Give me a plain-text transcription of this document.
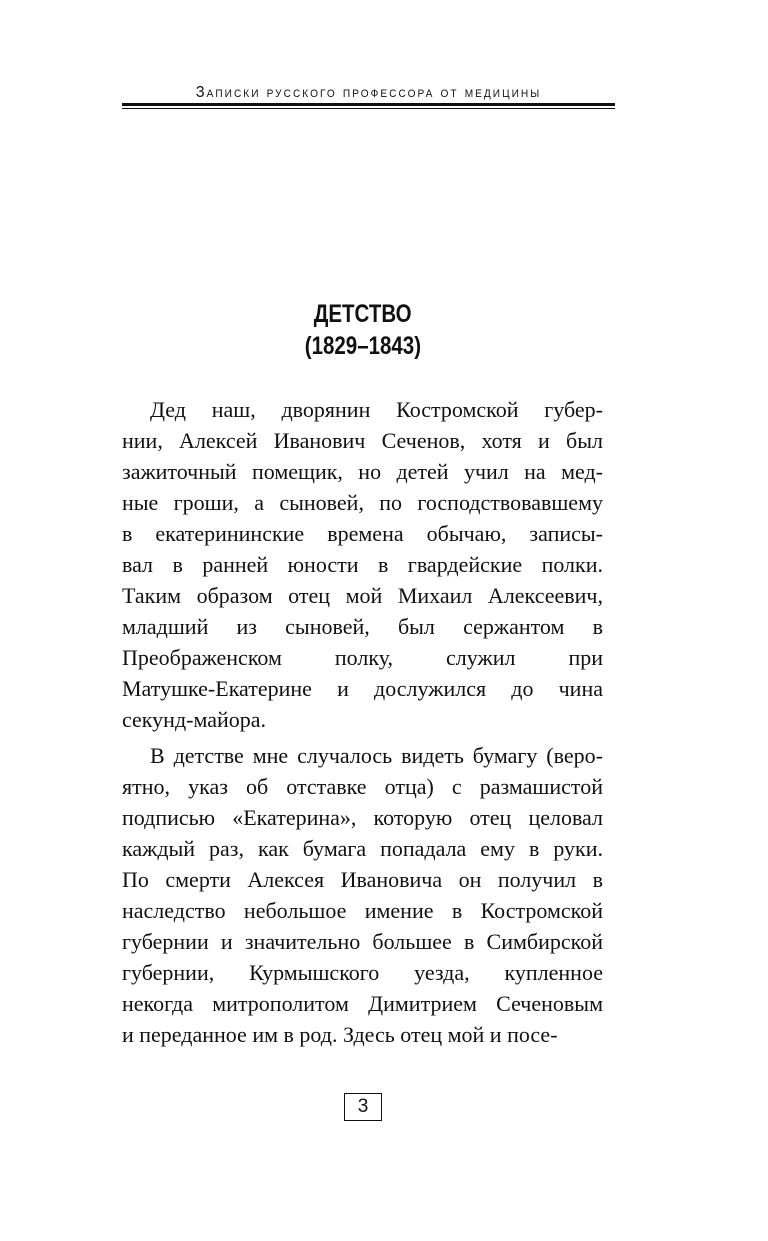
Записки русского профессора от медицины
ДЕТСТВО
(1829–1843)
Дед наш, дворянин Костромской губер-
нии, Алексей Иванович Сеченов, хотя и был
зажиточный помещик, но детей учил на мед-
ные гроши, а сыновей, по господствовавшему
в екатерининские времена обычаю, записы-
вал в ранней юности в гвардейские полки.
Таким образом отец мой Михаил Алексеевич,
младший из сыновей, был сержантом в
Преображенском полку, служил при
Матушке-Екатерине и дослужился до чина
секунд-майора.
В детстве мне случалось видеть бумагу (веро-
ятно, указ об отставке отца) с размашистой
подписью «Екатерина», которую отец целовал
каждый раз, как бумага попадала ему в руки.
По смерти Алексея Ивановича он получил в
наследство небольшое имение в Костромской
губернии и значительно большее в Симбирской
губернии, Курмышского уезда, купленное
некогда митрополитом Димитрием Сеченовым
и переданное им в род. Здесь отец мой и посе-
3
